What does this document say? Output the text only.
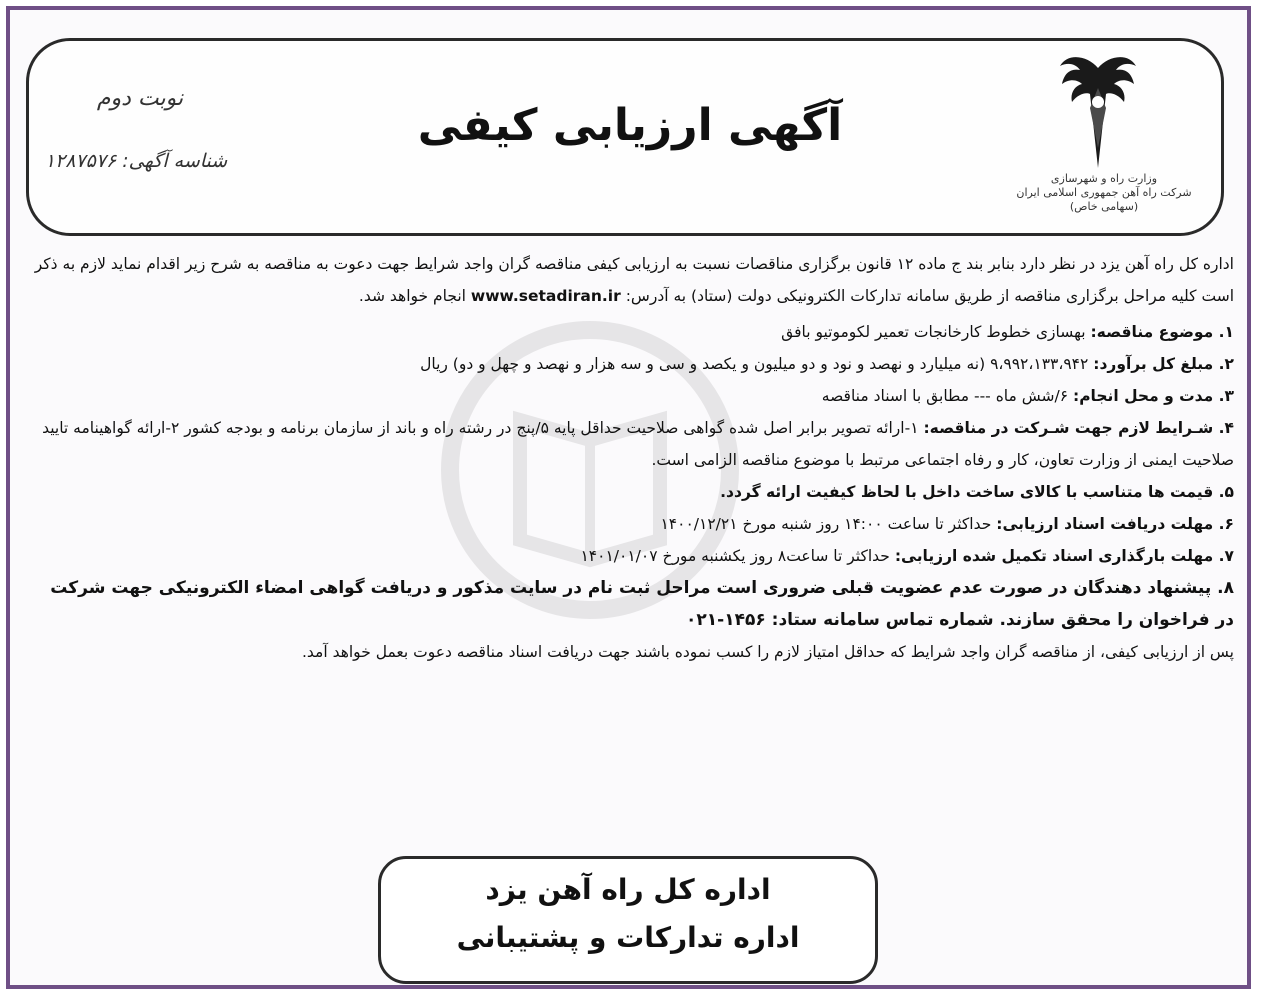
وزارت راه و شهرسازی
شرکت راه آهن جمهوری اسلامی ایران
(سهامی خاص)
آگهی ارزیابی کیفی
نوبت دوم
شناسه آگهی: ۱۲۸۷۵۷۶

اداره کل راه آهن یزد در نظر دارد بنابر بند ج ماده ۱۲ قانون برگزاری مناقصات نسبت به ارزیابی کیفی مناقصه گران واجد شرایط جهت دعوت به مناقصه به شرح زیر اقدام نماید لازم به ذکر است کلیه مراحل برگزاری مناقصه از طریق سامانه تدارکات الکترونیکی دولت (ستاد) به آدرس: www.setadiran.ir انجام خواهد شد.

۱. موضوع مناقصه: بهسازی خطوط کارخانجات تعمیر لکوموتیو بافق

۲. مبلغ کل برآورد: ۹،۹۹۲،۱۳۳،۹۴۲ (نه میلیارد و نهصد و نود و دو میلیون و یکصد و سی و سه هزار و نهصد و چهل و دو) ریال

۳. مدت و محل انجام: ۶/شش ماه --- مطابق با اسناد مناقصه

۴. شـرایط لازم جهت شـرکت در مناقصه: ۱-ارائه تصویر برابر اصل شده گواهی صلاحیت حداقل پایه ۵/پنج در رشته راه و باند از سازمان برنامه و بودجه کشور ۲-ارائه گواهینامه تایید صلاحیت ایمنی از وزارت تعاون، کار و رفاه اجتماعی مرتبط با موضوع مناقصه الزامی است.

۵. قیمت ها متناسب با کالای ساخت داخل با لحاظ کیفیت ارائه گردد.

۶. مهلت دریافت اسناد ارزیابی: حداکثر تا ساعت ۱۴:۰۰ روز شنبه مورخ ۱۴۰۰/۱۲/۲۱

۷. مهلت بارگذاری اسناد تکمیل شده ارزیابی: حداکثر تا ساعت۸ روز یکشنبه مورخ ۱۴۰۱/۰۱/۰۷

۸. پیشنهاد دهندگان در صورت عدم عضویت قبلی ضروری است مراحل ثبت نام در سایت مذکور و دریافت گواهی امضاء الکترونیکی جهت شرکت در فراخوان را محقق سازند. شماره تماس سامانه ستاد: ۱۴۵۶-۰۲۱

پس از ارزیابی کیفی، از مناقصه گران واجد شرایط که حداقل امتیاز لازم را کسب نموده باشند جهت دریافت اسناد مناقصه دعوت بعمل خواهد آمد.

اداره کل راه آهن یزد
اداره تدارکات و پشتیبانی
